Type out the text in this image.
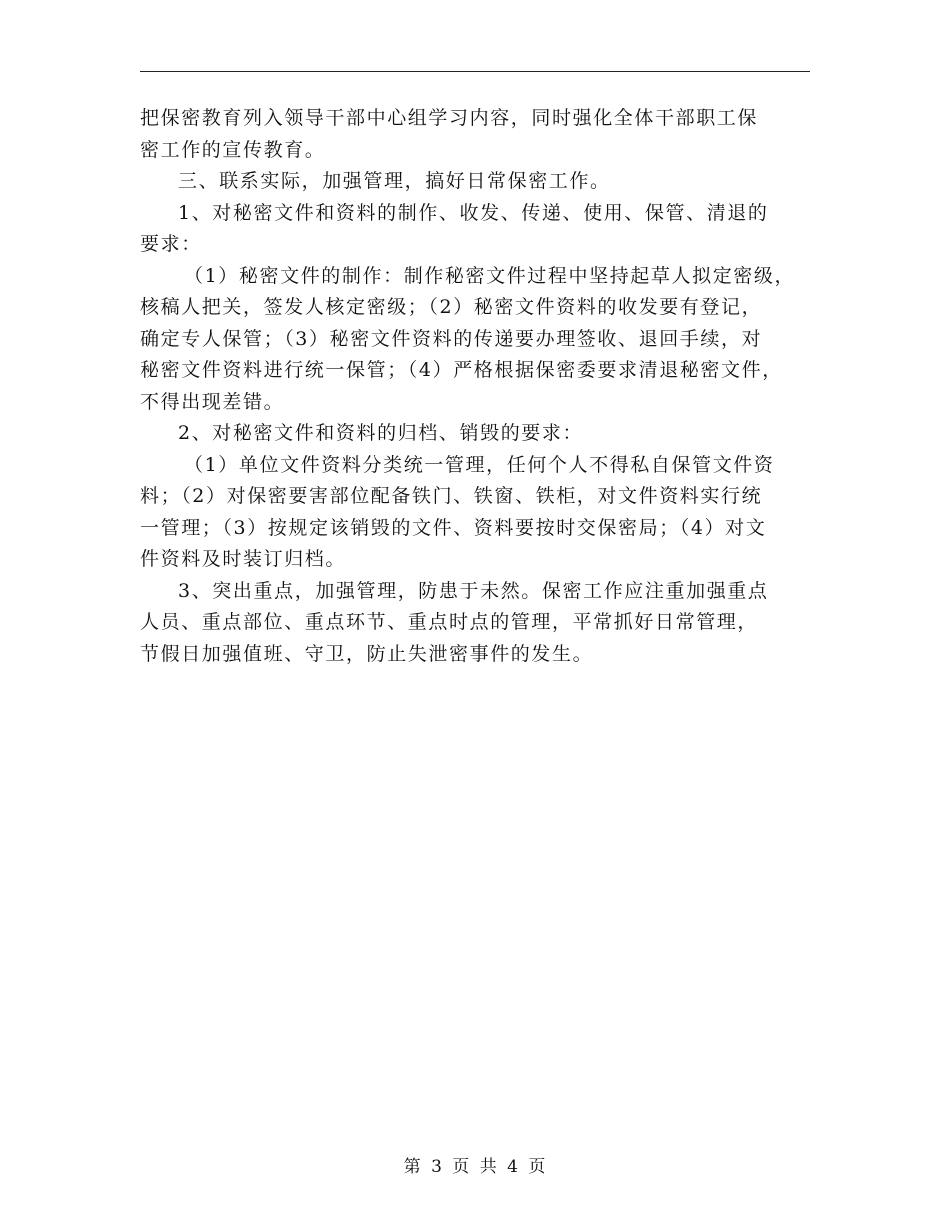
把保密教育列入领导干部中心组学习内容，同时强化全体干部职工保
密工作的宣传教育。
三、联系实际，加强管理，搞好日常保密工作。
1、对秘密文件和资料的制作、收发、传递、使用、保管、清退的
要求：
（1）秘密文件的制作：制作秘密文件过程中坚持起草人拟定密级，
核稿人把关，签发人核定密级；（2）秘密文件资料的收发要有登记，
确定专人保管；（3）秘密文件资料的传递要办理签收、退回手续，对
秘密文件资料进行统一保管；（4）严格根据保密委要求清退秘密文件，
不得出现差错。
2、对秘密文件和资料的归档、销毁的要求：
（1）单位文件资料分类统一管理，任何个人不得私自保管文件资
料；（2）对保密要害部位配备铁门、铁窗、铁柜，对文件资料实行统
一管理；（3）按规定该销毁的文件、资料要按时交保密局；（4）对文
件资料及时装订归档。
3、突出重点，加强管理，防患于未然。保密工作应注重加强重点
人员、重点部位、重点环节、重点时点的管理，平常抓好日常管理，
节假日加强值班、守卫，防止失泄密事件的发生。
第 3 页 共 4 页
